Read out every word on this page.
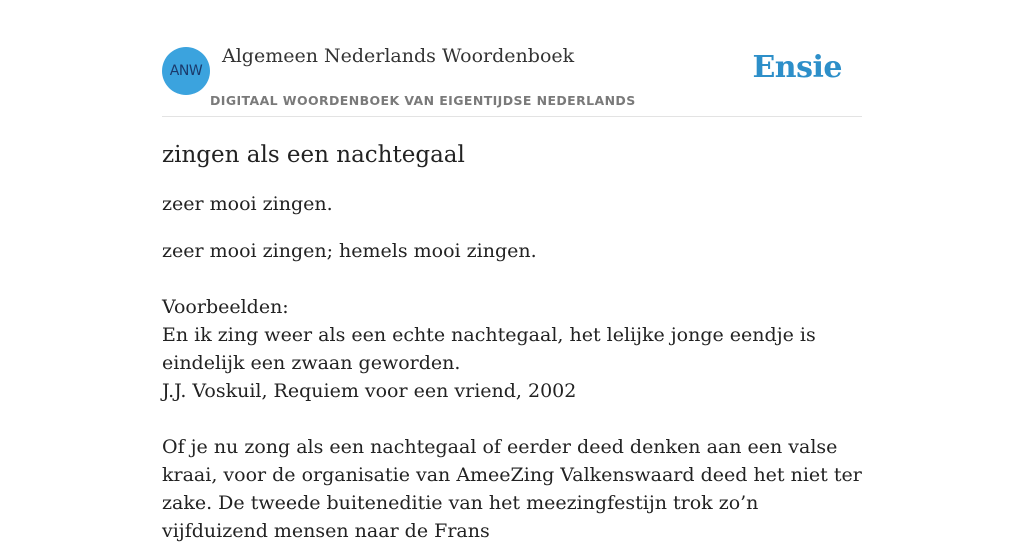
ANW
Algemeen Nederlands Woordenboek
DIGITAAL WOORDENBOEK VAN EIGENTIJDSE NEDERLANDS
Ensie
zingen als een nachtegaal

zeer mooi zingen.

zeer mooi zingen; hemels mooi zingen.

Voorbeelden:

En ik zing weer als een echte nachtegaal, het lelijke jonge eendje is eindelijk een zwaan geworden.

J.J. Voskuil, Requiem voor een vriend, 2002

Of je nu zong als een nachtegaal of eerder deed denken aan een valse kraai, voor de organisatie van AmeeZing Valkenswaard deed het niet ter zake. De tweede buiteneditie van het meezingfestijn trok zo’n vijfduizend mensen naar de Frans
